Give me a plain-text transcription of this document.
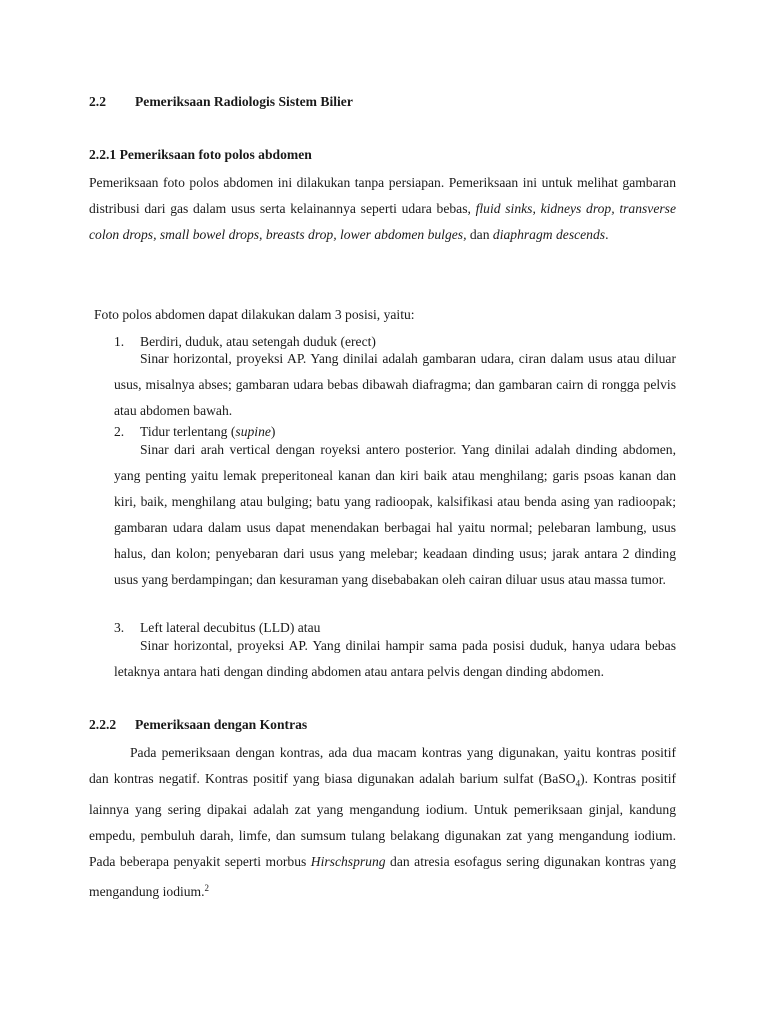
2.2 Pemeriksaan Radiologis Sistem Bilier
2.2.1 Pemeriksaan foto polos abdomen
Pemeriksaan foto polos abdomen ini dilakukan tanpa persiapan. Pemeriksaan ini untuk melihat gambaran distribusi dari gas dalam usus serta kelainannya seperti udara bebas, fluid sinks, kidneys drop, transverse colon drops, small bowel drops, breasts drop, lower abdomen bulges, dan diaphragm descends.
Foto polos abdomen dapat dilakukan dalam 3 posisi, yaitu:
1. Berdiri, duduk, atau setengah duduk (erect)
Sinar horizontal, proyeksi AP. Yang dinilai adalah gambaran udara, ciran dalam usus atau diluar usus, misalnya abses; gambaran udara bebas dibawah diafragma; dan gambaran cairn di rongga pelvis atau abdomen bawah.
2. Tidur terlentang (supine)
Sinar dari arah vertical dengan royeksi antero posterior. Yang dinilai adalah dinding abdomen, yang penting yaitu lemak preperitoneal kanan dan kiri baik atau menghilang; garis psoas kanan dan kiri, baik, menghilang atau bulging; batu yang radioopak, kalsifikasi atau benda asing yan radioopak; gambaran udara dalam usus dapat menendakan berbagai hal yaitu normal; pelebaran lambung, usus halus, dan kolon; penyebaran dari usus yang melebar; keadaan dinding usus; jarak antara 2 dinding usus yang berdampingan; dan kesuraman yang disebabakan oleh cairan diluar usus atau massa tumor.
3. Left lateral decubitus (LLD) atau
Sinar horizontal, proyeksi AP. Yang dinilai hampir sama pada posisi duduk, hanya udara bebas letaknya antara hati dengan dinding abdomen atau antara pelvis dengan dinding abdomen.
2.2.2 Pemeriksaan dengan Kontras
Pada pemeriksaan dengan kontras, ada dua macam kontras yang digunakan, yaitu kontras positif dan kontras negatif. Kontras positif yang biasa digunakan adalah barium sulfat (BaSO$_4$). Kontras positif lainnya yang sering dipakai adalah zat yang mengandung iodium. Untuk pemeriksaan ginjal, kandung empedu, pembuluh darah, limfe, dan sumsum tulang belakang digunakan zat yang mengandung iodium. Pada beberapa penyakit seperti morbus Hirschsprung dan atresia esofagus sering digunakan kontras yang mengandung iodium.$^2$
